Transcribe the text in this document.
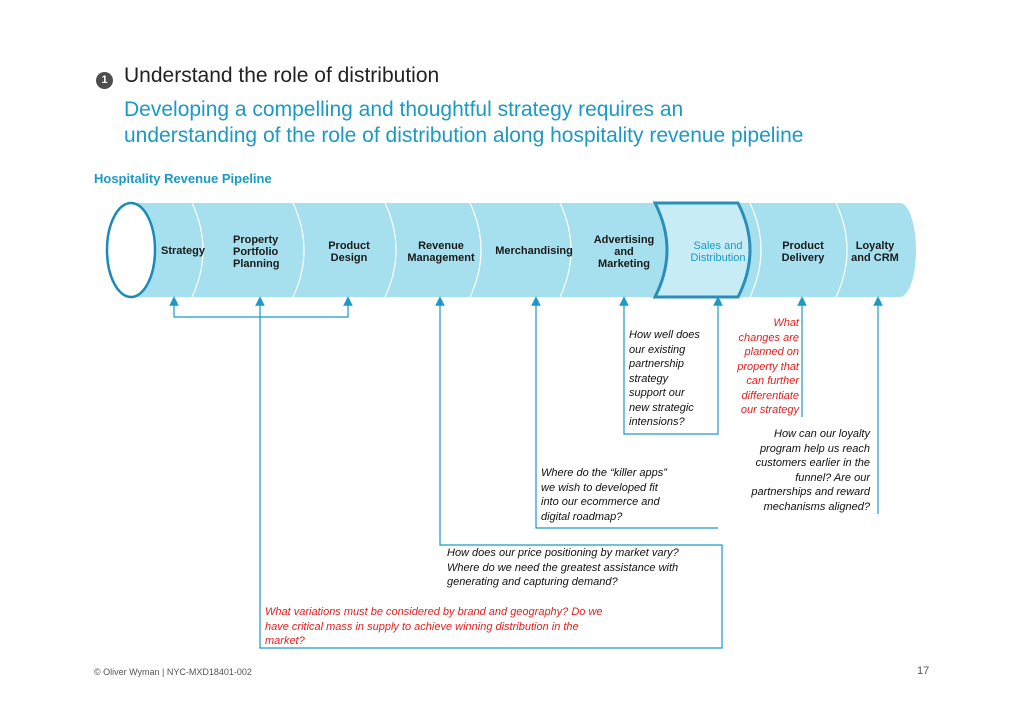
1 Understand the role of distribution
Developing a compelling and thoughtful strategy requires an
understanding of the role of distribution along hospitality revenue pipeline
Hospitality Revenue Pipeline
Strategy
Property
Portfolio
Planning
Product
Design
Revenue
Management
Merchandising
Advertising
and
Marketing
Sales and
Distribution
Product
Delivery
Loyalty
and CRM
How well does
our existing
partnership
strategy
support our
new strategic
intensions?
What
changes are
planned on
property that
can further
differentiate
our strategy
How can our loyalty
program help us reach
customers earlier in the
funnel? Are our
partnerships and reward
mechanisms aligned?
Where do the “killer apps”
we wish to developed fit
into our ecommerce and
digital roadmap?
How does our price positioning by market vary?
Where do we need the greatest assistance with
generating and capturing demand?
What variations must be considered by brand and geography? Do we
have critical mass in supply to achieve winning distribution in the
market?
© Oliver Wyman | NYC-MXD18401-002	17
